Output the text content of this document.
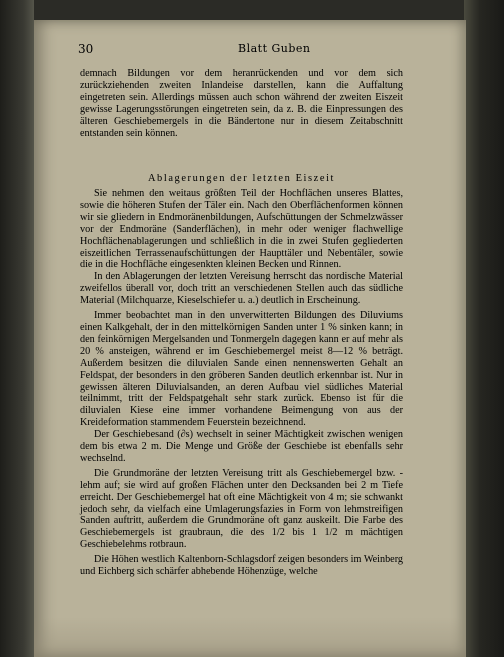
30	Blatt Guben

demnach Bildungen vor dem heranrückenden und vor dem sich zurückziehenden zweiten Inlandeise darstellen, kann die Auffaltung eingetreten sein. Allerdings müssen auch schon während der zweiten Eiszeit gewisse Lagerungsstörungen eingetreten sein, da z. B. die Einpressungen des älteren Geschiebemergels in die Bändertone nur in diesem Zeitabschnitt entstanden sein können.

Ablagerungen der letzten Eiszeit

Sie nehmen den weitaus größten Teil der Hochflächen unseres Blattes, sowie die höheren Stufen der Täler ein. Nach den Oberflächenformen können wir sie gliedern in Endmoränenbildungen, Aufschüttungen der Schmelzwässer vor der Endmoräne (Sanderflächen), in mehr oder weniger flachwellige Hochflächenablagerungen und schließlich in die in zwei Stufen gegliederten eiszeitlichen Terrassenaufschüttungen der Haupttäler und Nebentäler, sowie die in die Hochfläche eingesenkten kleinen Becken und Rinnen.

In den Ablagerungen der letzten Vereisung herrscht das nordische Material zweifellos überall vor, doch tritt an verschiedenen Stellen auch das südliche Material (Milchquarze, Kieselschiefer u. a.) deutlich in Erscheinung.

Immer beobachtet man in den unverwitterten Bildungen des Diluviums einen Kalkgehalt, der in den mittelkörnigen Sanden unter 1 % sinken kann; in den feinkörnigen Mergelsanden und Tonmergeln dagegen kann er auf mehr als 20 % ansteigen, während er im Geschiebemergel meist 8—12 % beträgt. Außerdem besitzen die diluvialen Sande einen nennenswerten Gehalt an Feldspat, der besonders in den gröberen Sanden deutlich erkennbar ist. Nur in gewissen älteren Diluvialsanden, an deren Aufbau viel südliches Material teilnimmt, tritt der Feldspatgehalt sehr stark zurück. Ebenso ist für die diluvialen Kiese eine immer vorhandene Beimengung von aus der Kreideformation stammendem Feuerstein bezeichnend.

Der Geschiebesand (∂s) wechselt in seiner Mächtigkeit zwischen wenigen dem bis etwa 2 m. Die Menge und Größe der Geschiebe ist ebenfalls sehr wechselnd.

Die Grundmoräne der letzten Vereisung tritt als Geschiebemergel bzw. -lehm auf; sie wird auf großen Flächen unter den Decksanden bei 2 m Tiefe erreicht. Der Geschiebemergel hat oft eine Mächtigkeit von 4 m; sie schwankt jedoch sehr, da vielfach eine Umlagerungsfazies in Form von lehmstreifigen Sanden auftritt, außerdem die Grundmoräne oft ganz auskeilt. Die Farbe des Geschiebemergels ist graubraun, die des 1/2 bis 1 1/2 m mächtigen Geschiebelehms rotbraun.

Die Höhen westlich Kaltenborn-Schlagsdorf zeigen besonders im Weinberg und Eichberg sich schärfer abhebende Höhenzüge, welche
